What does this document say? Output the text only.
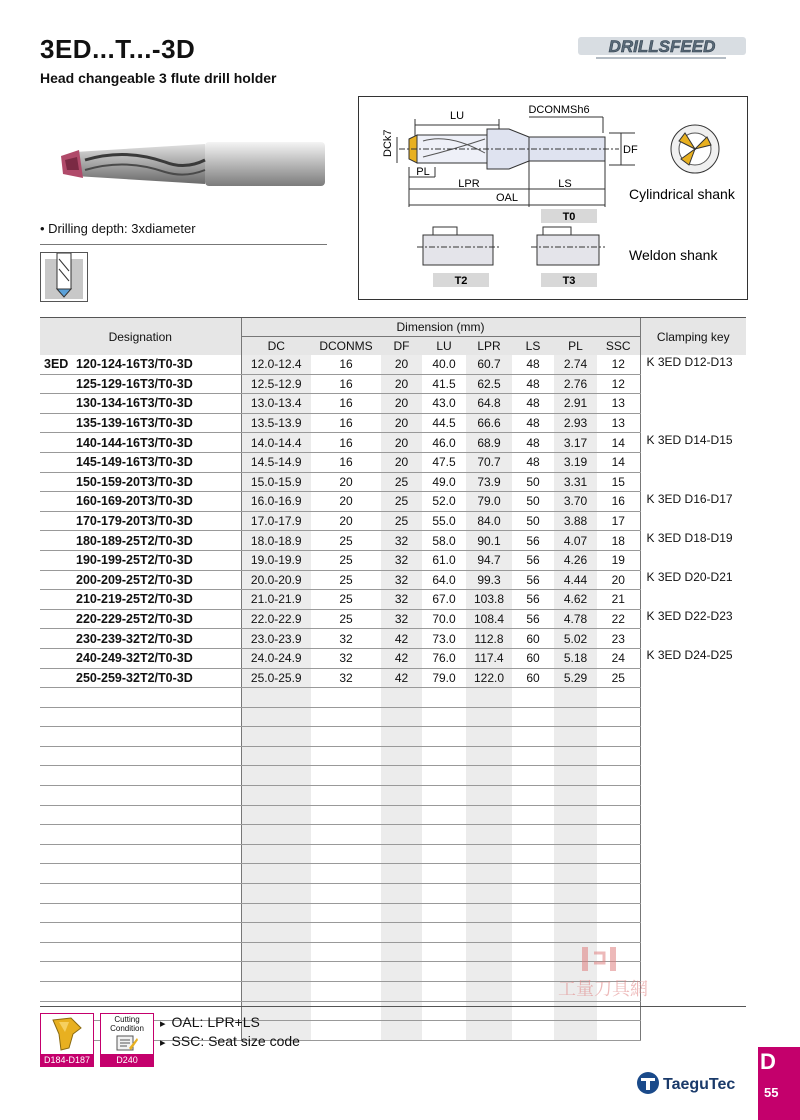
3ED...T...-3D
Head changeable 3 flute drill holder
DRILLSFEED
• Drilling depth: 3xdiameter
LU	DCONMSh6
DF
DCk7
PL
LPR	LS
OAL
T0
Cylindrical shank
T2	T3
Weldon shank
Designation	Dimension (mm)								Clamping key
	DC	DCONMS	DF	LU	LPR	LS	PL	SSC	
3ED 120-124-16T3/T0-3D	12.0-12.4	16	20	40.0	60.7	48	2.74	12	K 3ED D12-D13
125-129-16T3/T0-3D	12.5-12.9	16	20	41.5	62.5	48	2.76	12	
130-134-16T3/T0-3D	13.0-13.4	16	20	43.0	64.8	48	2.91	13	
135-139-16T3/T0-3D	13.5-13.9	16	20	44.5	66.6	48	2.93	13	
140-144-16T3/T0-3D	14.0-14.4	16	20	46.0	68.9	48	3.17	14	K 3ED D14-D15
145-149-16T3/T0-3D	14.5-14.9	16	20	47.5	70.7	48	3.19	14	
150-159-20T3/T0-3D	15.0-15.9	20	25	49.0	73.9	50	3.31	15	
160-169-20T3/T0-3D	16.0-16.9	20	25	52.0	79.0	50	3.70	16	K 3ED D16-D17
170-179-20T3/T0-3D	17.0-17.9	20	25	55.0	84.0	50	3.88	17	
180-189-25T2/T0-3D	18.0-18.9	25	32	58.0	90.1	56	4.07	18	K 3ED D18-D19
190-199-25T2/T0-3D	19.0-19.9	25	32	61.0	94.7	56	4.26	19	
200-209-25T2/T0-3D	20.0-20.9	25	32	64.0	99.3	56	4.44	20	K 3ED D20-D21
210-219-25T2/T0-3D	21.0-21.9	25	32	67.0	103.8	56	4.62	21	
220-229-25T2/T0-3D	22.0-22.9	25	32	70.0	108.4	56	4.78	22	K 3ED D22-D23
230-239-32T2/T0-3D	23.0-23.9	32	42	73.0	112.8	60	5.02	23	
240-249-32T2/T0-3D	24.0-24.9	32	42	76.0	117.4	60	5.18	24	K 3ED D24-D25
250-259-32T2/T0-3D	25.0-25.9	32	42	79.0	122.0	60	5.29	25	

D184-D187
Cutting Condition
D240
▸ OAL: LPR+LS
▸ SSC: Seat size code
工量刀具網
TaeguTec
D
55
